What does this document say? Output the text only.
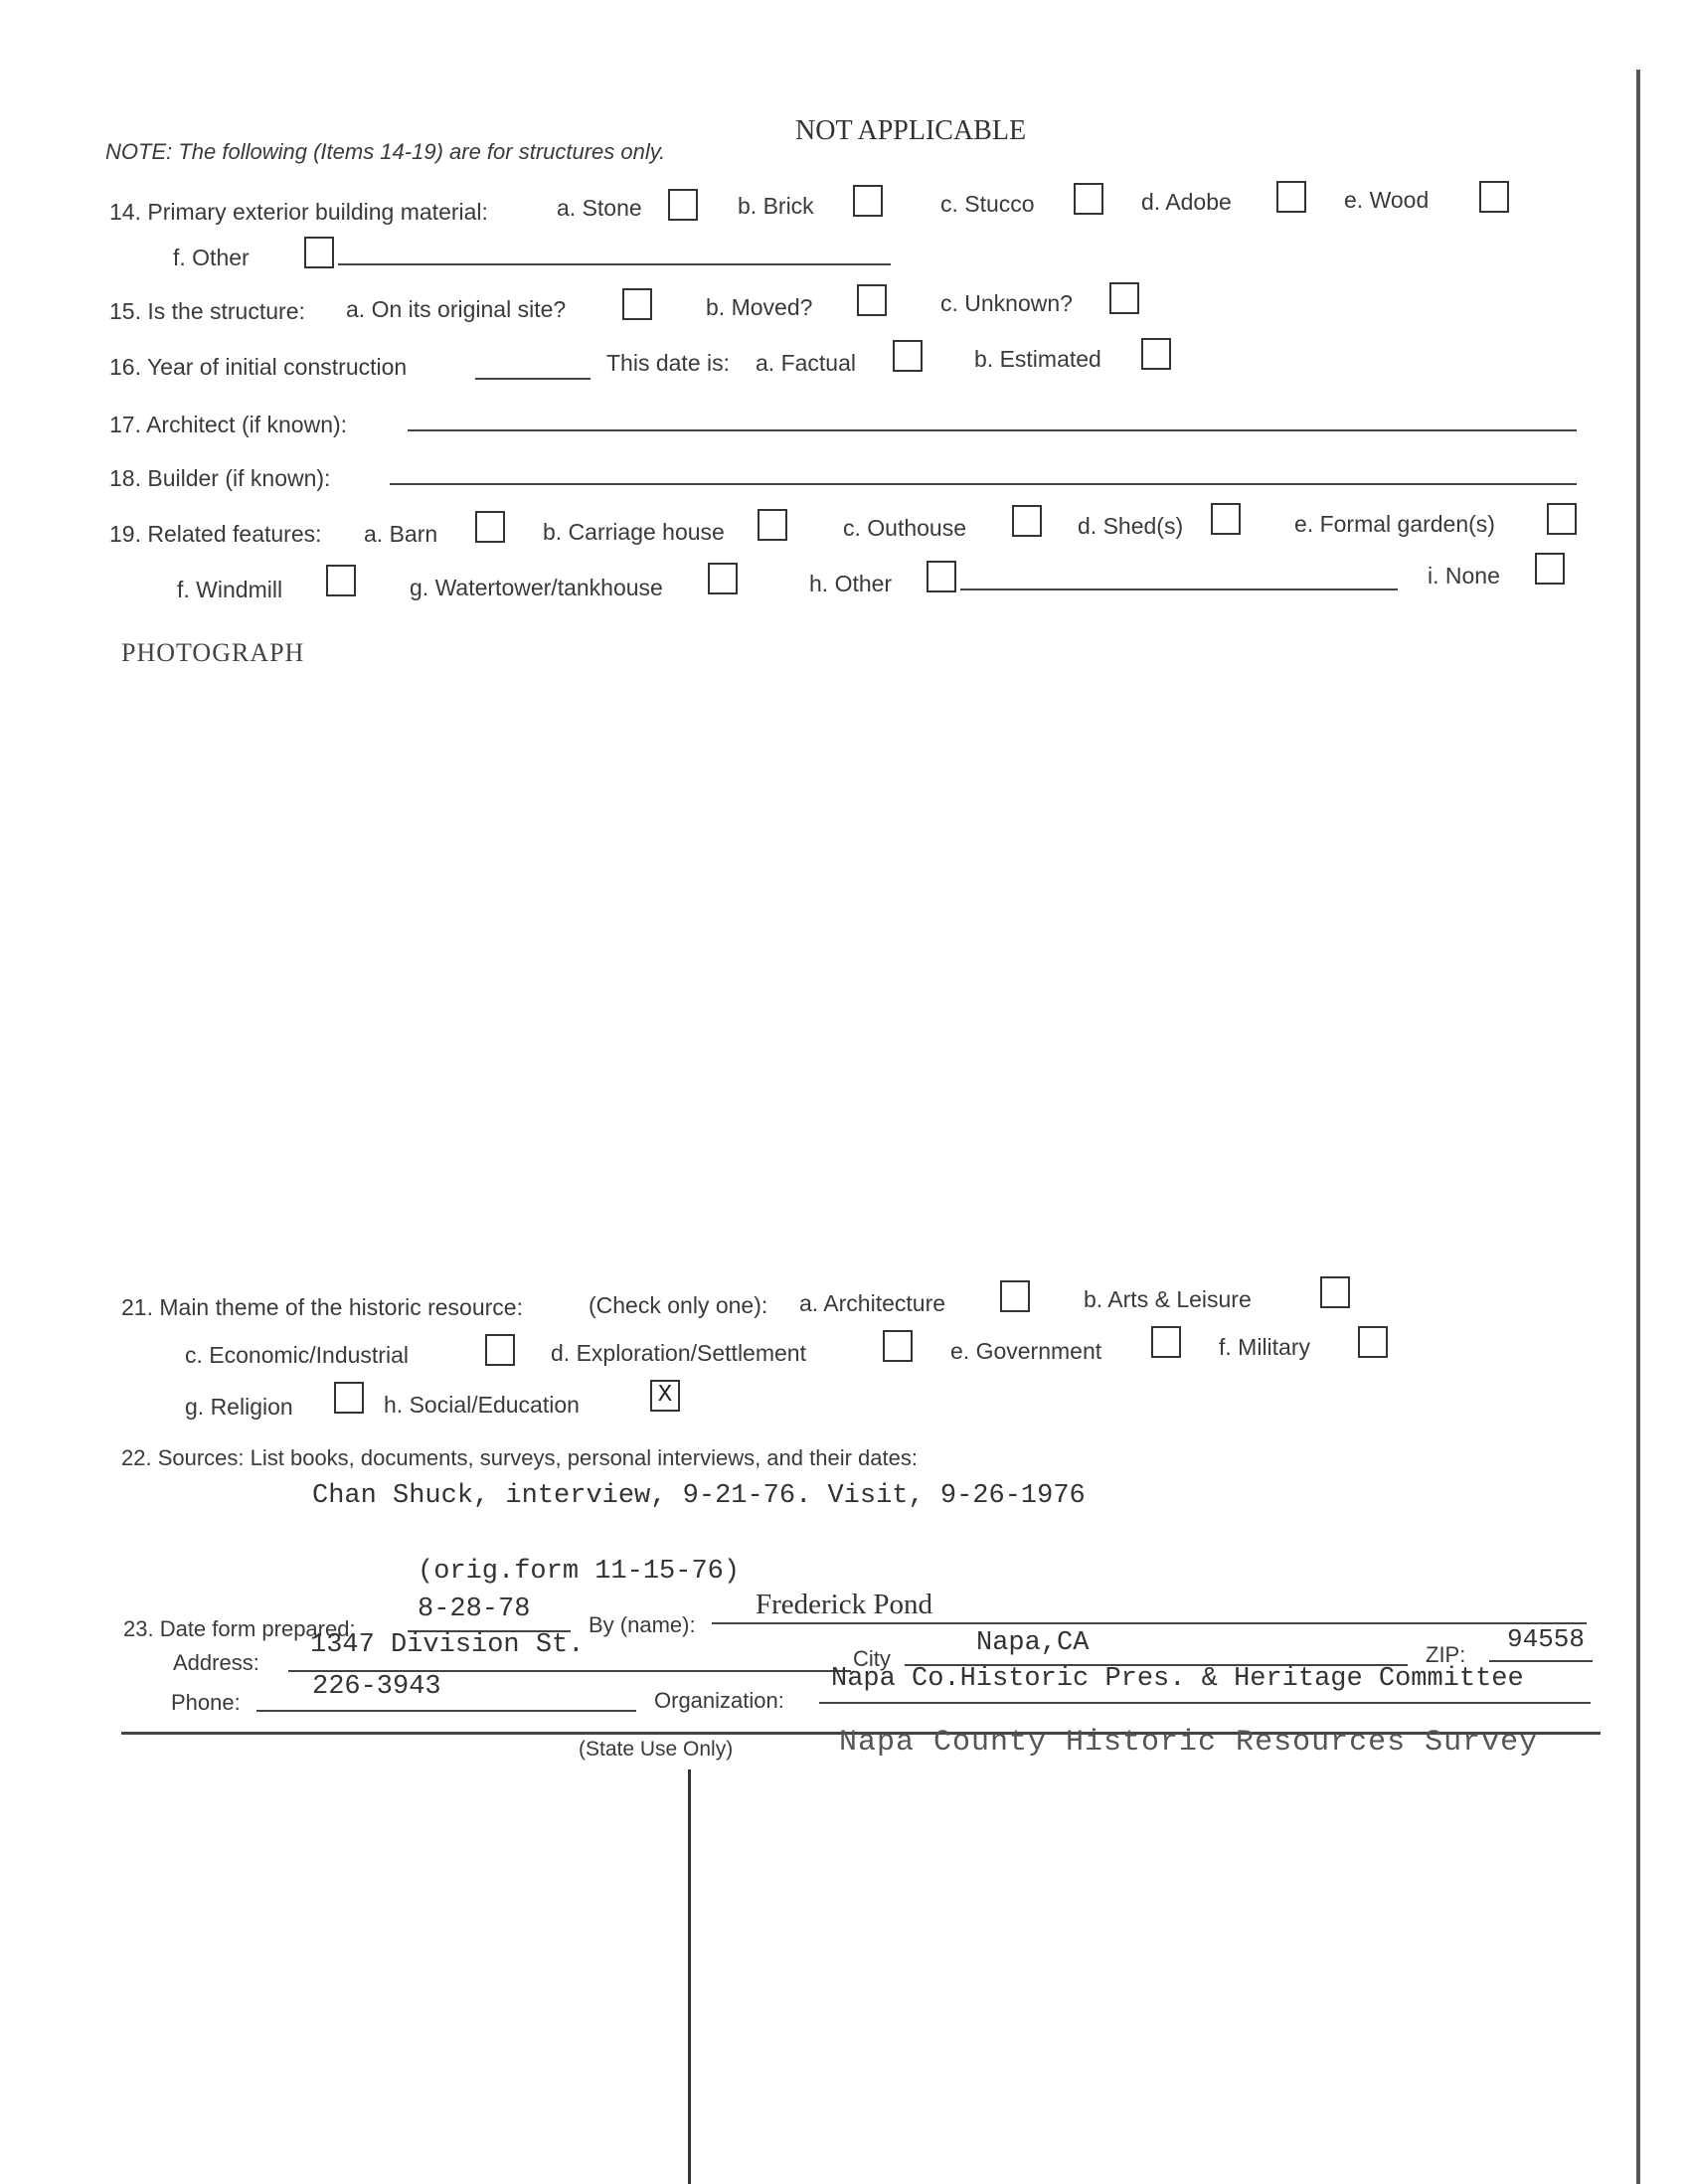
NOTE: The following (Items 14-19) are for structures only.
NOT APPLICABLE
14. Primary exterior building material:	a. Stone	b. Brick	c. Stucco	d. Adobe	e. Wood
f. Other
15. Is the structure: a. On its original site?	b. Moved?	c. Unknown?
16. Year of initial construction	This date is: a. Factual	b. Estimated
17. Architect (if known):
18. Builder (if known):
19. Related features: a. Barn	b. Carriage house	c. Outhouse	d. Shed(s)	e. Formal garden(s)
f. Windmill	g. Watertower/tankhouse	h. Other	i. None
PHOTOGRAPH
21. Main theme of the historic resource:	(Check only one): a. Architecture	b. Arts & Leisure
c. Economic/Industrial	d. Exploration/Settlement	e. Government	f. Military
g. Religion	h. Social/Education	X
22. Sources: List books, documents, surveys, personal interviews, and their dates:
Chan Shuck, interview, 9-21-76. Visit, 9-26-1976
(orig.form 11-15-76)
23. Date form prepared:
8-28-78
By (name):
Frederick Pond
Address:
1347 Division St.	City
Napa,CA	ZIP:
94558
Phone:
226-3943	Organization:
Napa Co.Historic Pres. & Heritage Committee
(State Use Only)	Napa County Historic Resources Survey
